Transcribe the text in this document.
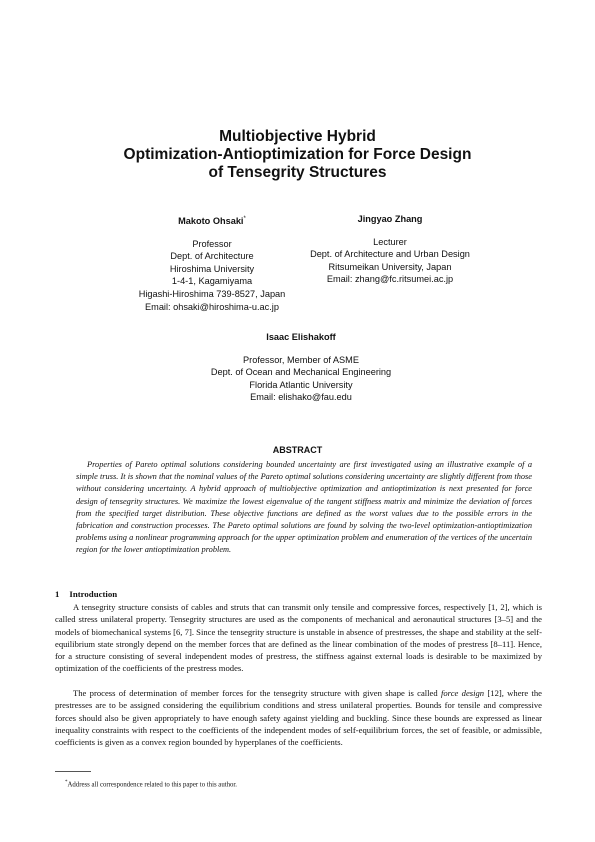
Multiobjective Hybrid
Optimization-Antioptimization for Force Design
of Tensegrity Structures
Makoto Ohsaki*
Professor
Dept. of Architecture
Hiroshima University
1-4-1, Kagamiyama
Higashi-Hiroshima 739-8527, Japan
Email: ohsaki@hiroshima-u.ac.jp
Jingyao Zhang
Lecturer
Dept. of Architecture and Urban Design
Ritsumeikan University, Japan
Email: zhang@fc.ritsumei.ac.jp
Isaac Elishakoff
Professor, Member of ASME
Dept. of Ocean and Mechanical Engineering
Florida Atlantic University
Email: elishako@fau.edu
ABSTRACT
Properties of Pareto optimal solutions considering bounded uncertainty are first investigated using an illustrative example of a simple truss. It is shown that the nominal values of the Pareto optimal solutions considering uncertainty are slightly different from those without considering uncertainty. A hybrid approach of multiobjective optimization and antioptimization is next presented for force design of tensegrity structures. We maximize the lowest eigenvalue of the tangent stiffness matrix and minimize the deviation of forces from the specified target distribution. These objective functions are defined as the worst values due to the possible errors in the fabrication and construction processes. The Pareto optimal solutions are found by solving the two-level optimization-antioptimization problems using a nonlinear programming approach for the upper optimization problem and enumeration of the vertices of the uncertain region for the lower antioptimization problem.
1 Introduction

A tensegrity structure consists of cables and struts that can transmit only tensile and compressive forces, respectively [1, 2], which is called stress unilateral property. Tensegrity structures are used as the components of mechanical and aeronautical structures [3–5] and the models of biomechanical systems [6, 7]. Since the tensegrity structure is unstable in absence of prestresses, the shape and stability at the self-equilibrium state strongly depend on the member forces that are defined as the linear combination of the modes of prestress [8–11]. Hence, for a structure consisting of several independent modes of prestress, the stiffness against external loads is desirable to be maximized by optimization of the coefficients of the prestress modes.

The process of determination of member forces for the tensegrity structure with given shape is called force design [12], where the prestresses are to be assigned considering the equilibrium conditions and stress unilateral properties. Bounds for tensile and compressive forces should also be given appropriately to have enough safety against yielding and buckling. Since these bounds are expressed as linear inequality constraints with respect to the coefficients of the independent modes of self-equilibrium forces, the set of feasible, or admissible, coefficients is given as a convex region bounded by hyperplanes of the coefficients.

*Address all correspondence related to this paper to this author.
